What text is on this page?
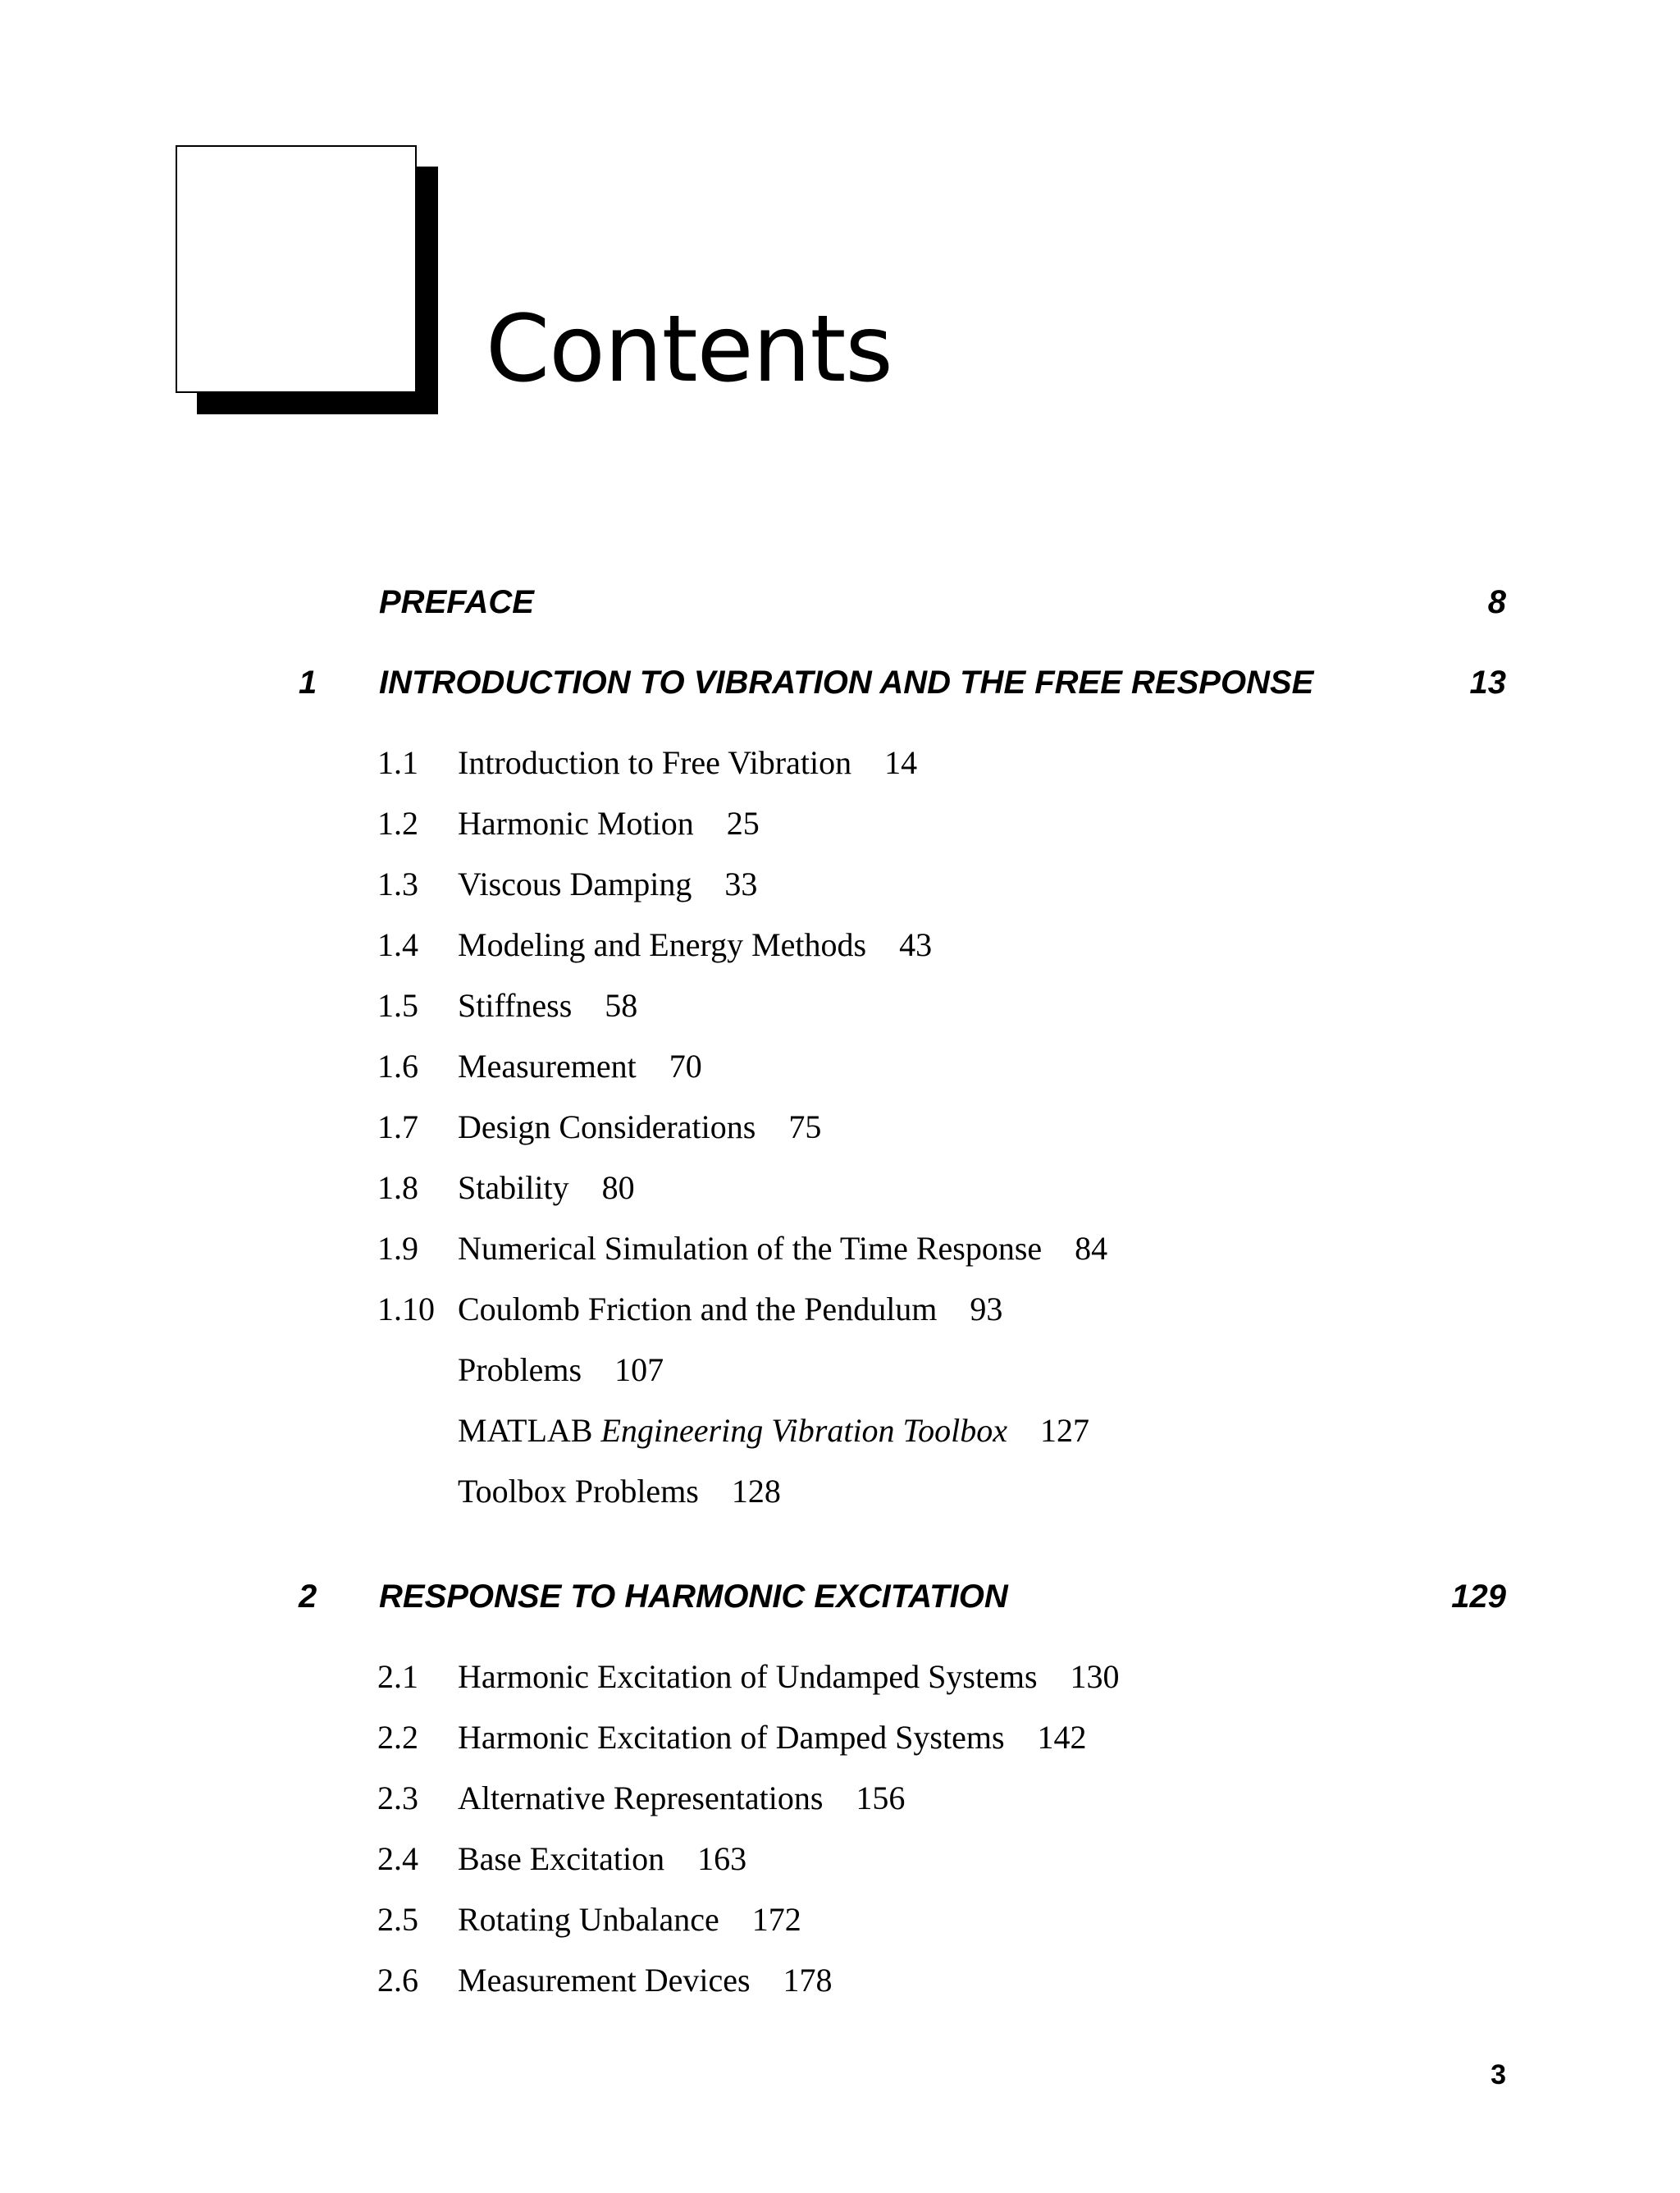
Contents
PREFACE	8
1 INTRODUCTION TO VIBRATION AND THE FREE RESPONSE	13
1.1 Introduction to Free Vibration 14
1.2 Harmonic Motion 25
1.3 Viscous Damping 33
1.4 Modeling and Energy Methods 43
1.5 Stiffness 58
1.6 Measurement 70
1.7 Design Considerations 75
1.8 Stability 80
1.9 Numerical Simulation of the Time Response 84
1.10 Coulomb Friction and the Pendulum 93
Problems 107
MATLAB Engineering Vibration Toolbox 127
Toolbox Problems 128
2 RESPONSE TO HARMONIC EXCITATION	129
2.1 Harmonic Excitation of Undamped Systems 130
2.2 Harmonic Excitation of Damped Systems 142
2.3 Alternative Representations 156
2.4 Base Excitation 163
2.5 Rotating Unbalance 172
2.6 Measurement Devices 178
3
